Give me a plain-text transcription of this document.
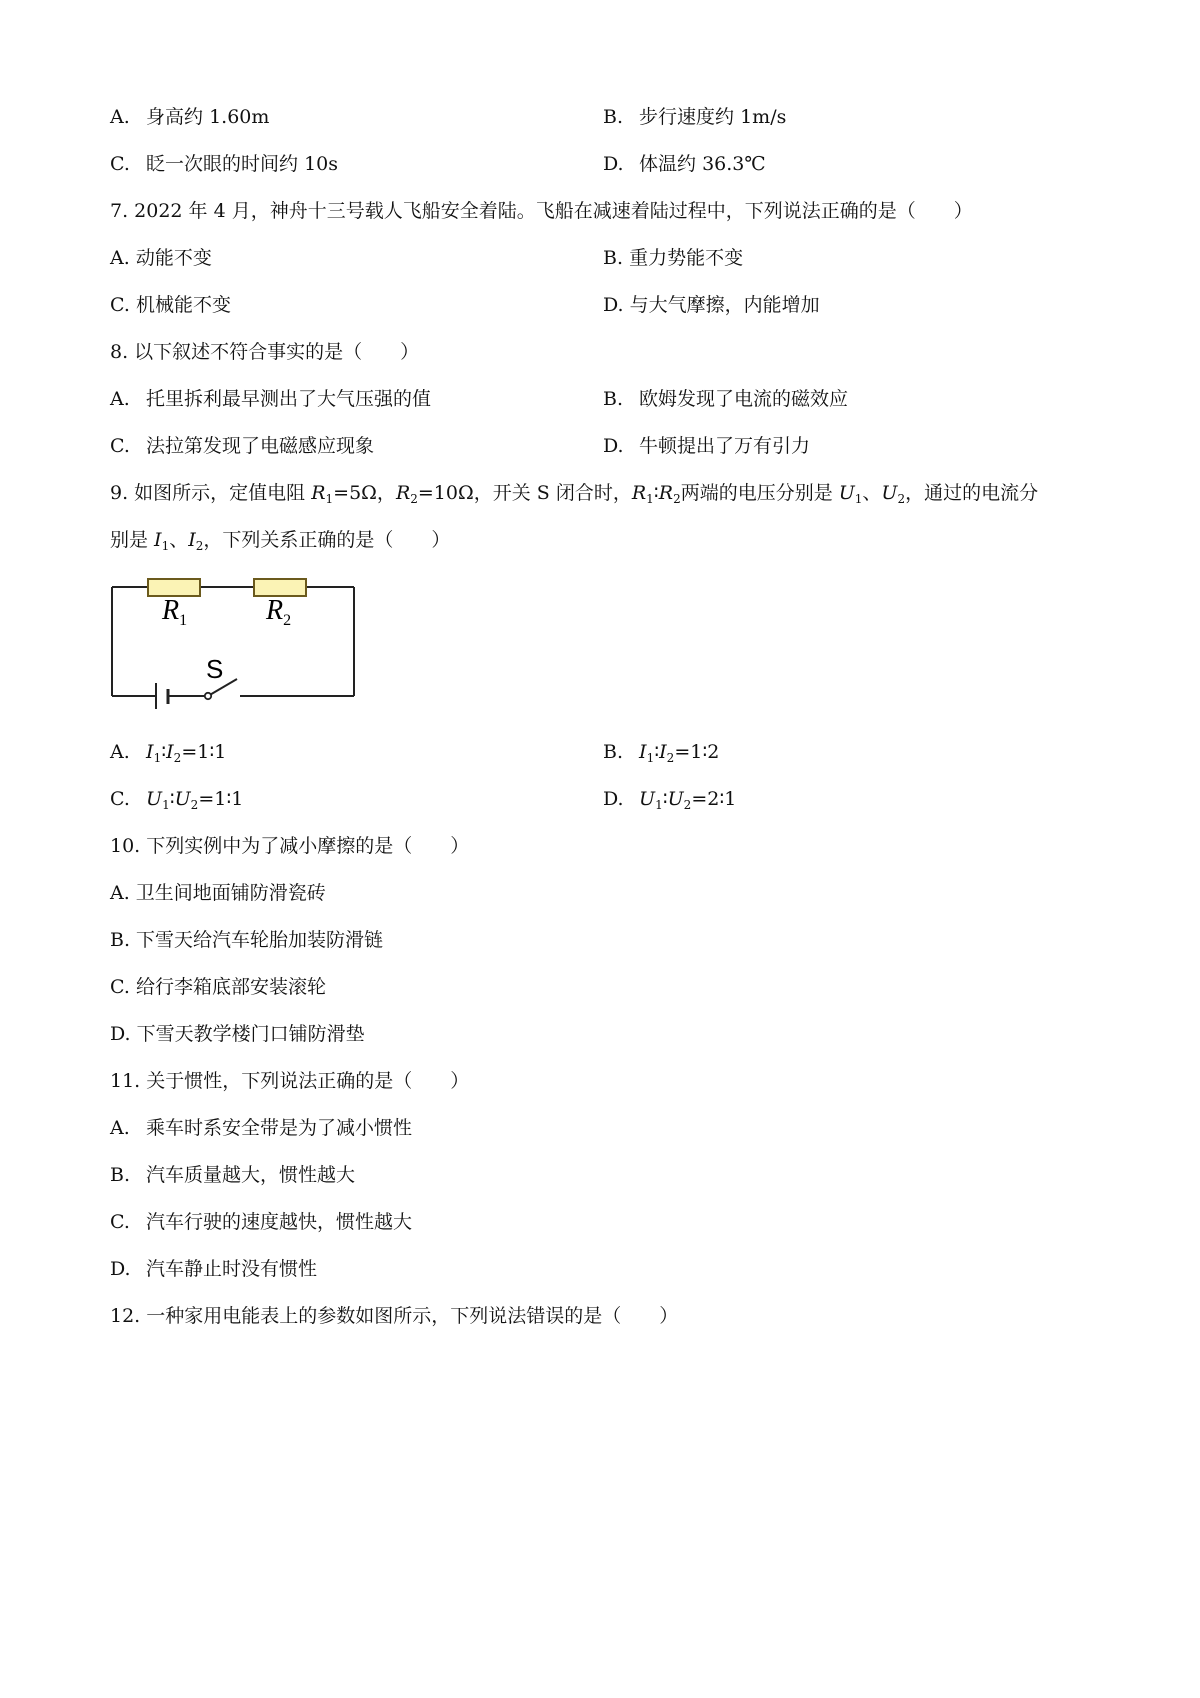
A. 身高约 1.60m	B. 步行速度约 1m/s
C. 眨一次眼的时间约 10s	D. 体温约 36.3℃
7. 2022 年 4 月，神舟十三号载人飞船安全着陆。飞船在减速着陆过程中，下列说法正确的是（　　）
A. 动能不变	B. 重力势能不变
C. 机械能不变	D. 与大气摩擦，内能增加
8. 以下叙述不符合事实的是（　　）
A. 托里拆利最早测出了大气压强的值	B. 欧姆发现了电流的磁效应
C. 法拉第发现了电磁感应现象	D. 牛顿提出了万有引力
9. 如图所示，定值电阻 $R_1=5\Omega$，$R_2=10\Omega$，开关 S 闭合时，$R_1∶R_2$两端的电压分别是 $U_1$、$U_2$，通过的电流分
别是 $I_1$、$I_2$，下列关系正确的是（　　）
$R_1$	$R_2$
S
A. $I_1∶I_2=1∶1$	B. $I_1∶I_2=1∶2$
C. $U_1∶U_2=1∶1$	D. $U_1∶U_2=2∶1$
10. 下列实例中为了减小摩擦的是（　　）
A. 卫生间地面铺防滑瓷砖
B. 下雪天给汽车轮胎加装防滑链
C. 给行李箱底部安装滚轮
D. 下雪天教学楼门口铺防滑垫
11. 关于惯性，下列说法正确的是（　　）
A. 乘车时系安全带是为了减小惯性
B. 汽车质量越大，惯性越大
C. 汽车行驶的速度越快，惯性越大
D. 汽车静止时没有惯性
12. 一种家用电能表上的参数如图所示，下列说法错误的是（　　）
